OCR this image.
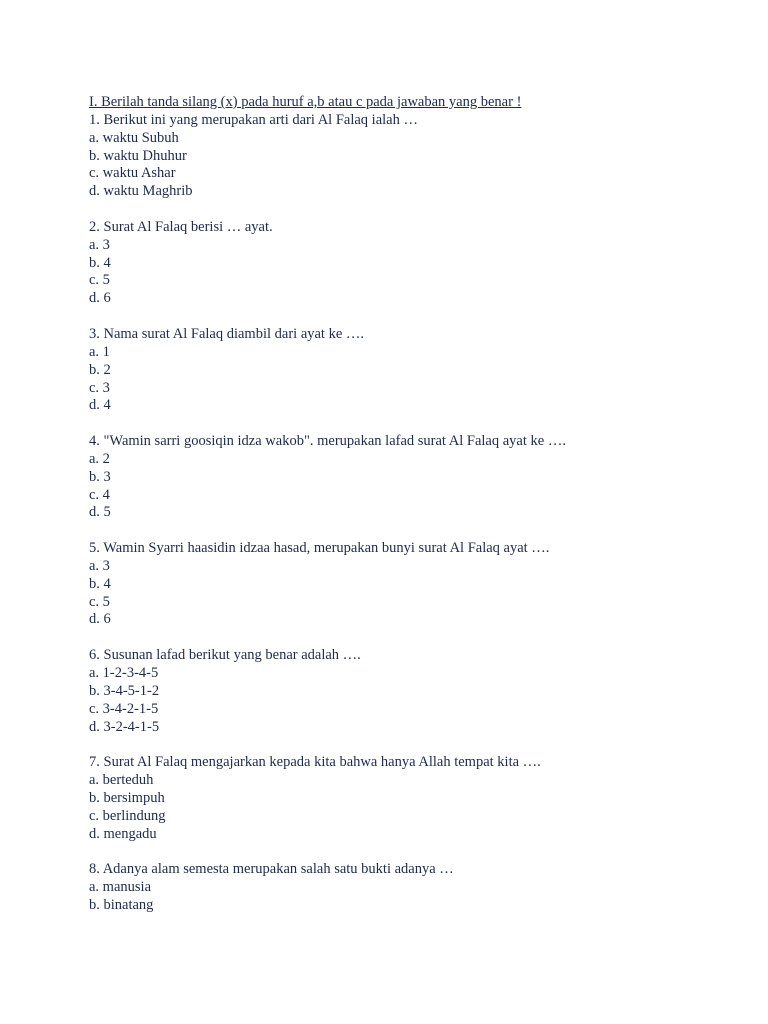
I. Berilah tanda silang (x) pada huruf a,b atau c pada jawaban yang benar !
1. Berikut ini yang merupakan arti dari Al Falaq ialah …
a. waktu Subuh
b. waktu Dhuhur
c. waktu Ashar
d. waktu Maghrib
2. Surat Al Falaq berisi … ayat.
a. 3
b. 4
c. 5
d. 6
3. Nama surat Al Falaq diambil dari ayat ke ….
a. 1
b. 2
c. 3
d. 4
4. "Wamin sarri goosiqin idza wakob". merupakan lafad surat Al Falaq ayat ke ….
a. 2
b. 3
c. 4
d. 5
5. Wamin Syarri haasidin idzaa hasad, merupakan bunyi surat Al Falaq ayat ….
a. 3
b. 4
c. 5
d. 6
6. Susunan lafad berikut yang benar adalah ….
a. 1-2-3-4-5
b. 3-4-5-1-2
c. 3-4-2-1-5
d. 3-2-4-1-5
7. Surat Al Falaq mengajarkan kepada kita bahwa hanya Allah tempat kita ….
a. berteduh
b. bersimpuh
c. berlindung
d. mengadu
8. Adanya alam semesta merupakan salah satu bukti adanya …
a. manusia
b. binatang
